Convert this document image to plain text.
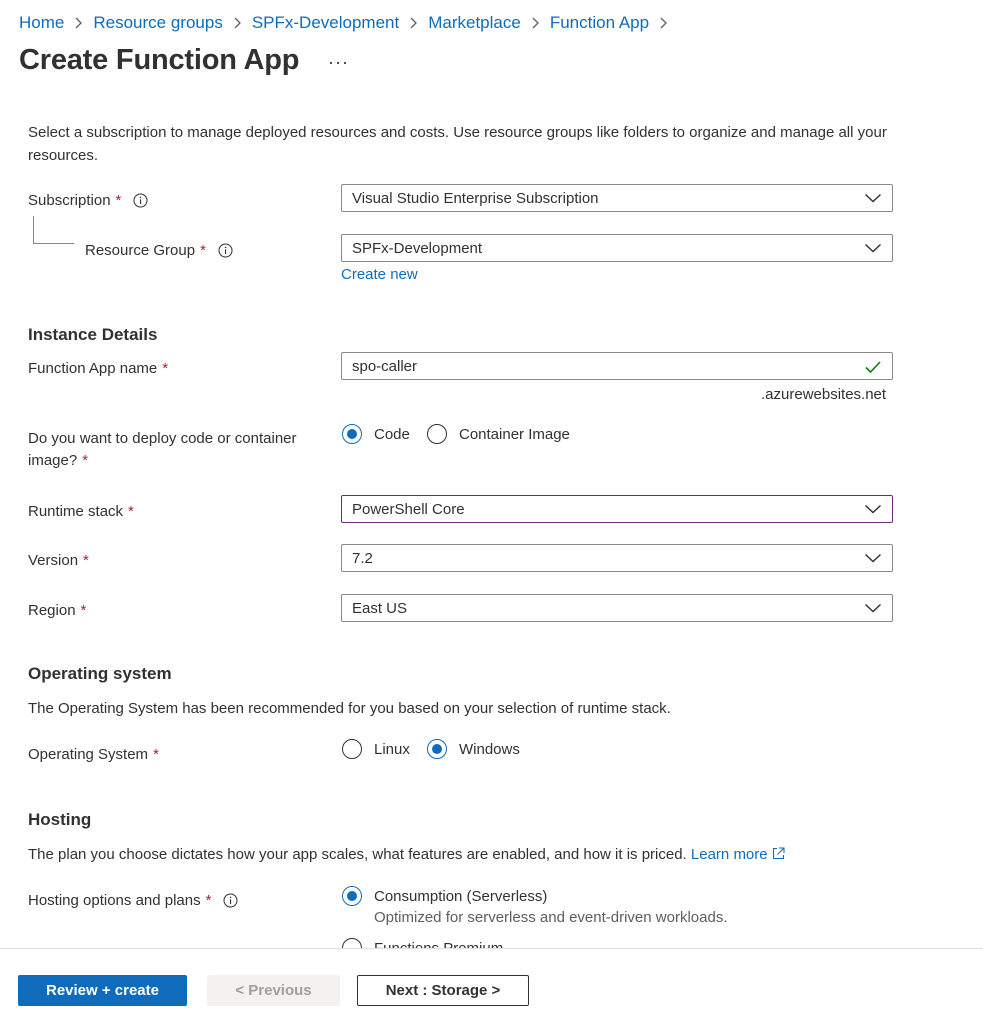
Home Resource groups SPFx-Development Marketplace Function App
Create Function App ···
Select a subscription to manage deployed resources and costs. Use resource groups like folders to organize and manage all your resources.
Subscription *	Visual Studio Enterprise Subscription
Resource Group *	SPFx-Development
Create new
Instance Details
Function App name *	spo-caller
.azurewebsites.net
Do you want to deploy code or container image? *
Code	Container Image
Runtime stack *	PowerShell Core
Version *	7.2
Region *	East US
Operating system
The Operating System has been recommended for you based on your selection of runtime stack.
Operating System *	Linux	Windows
Hosting
The plan you choose dictates how your app scales, what features are enabled, and how it is priced. Learn more
Hosting options and plans *	Consumption (Serverless)
Optimized for serverless and event-driven workloads.
Review + create	< Previous	Next : Storage >
